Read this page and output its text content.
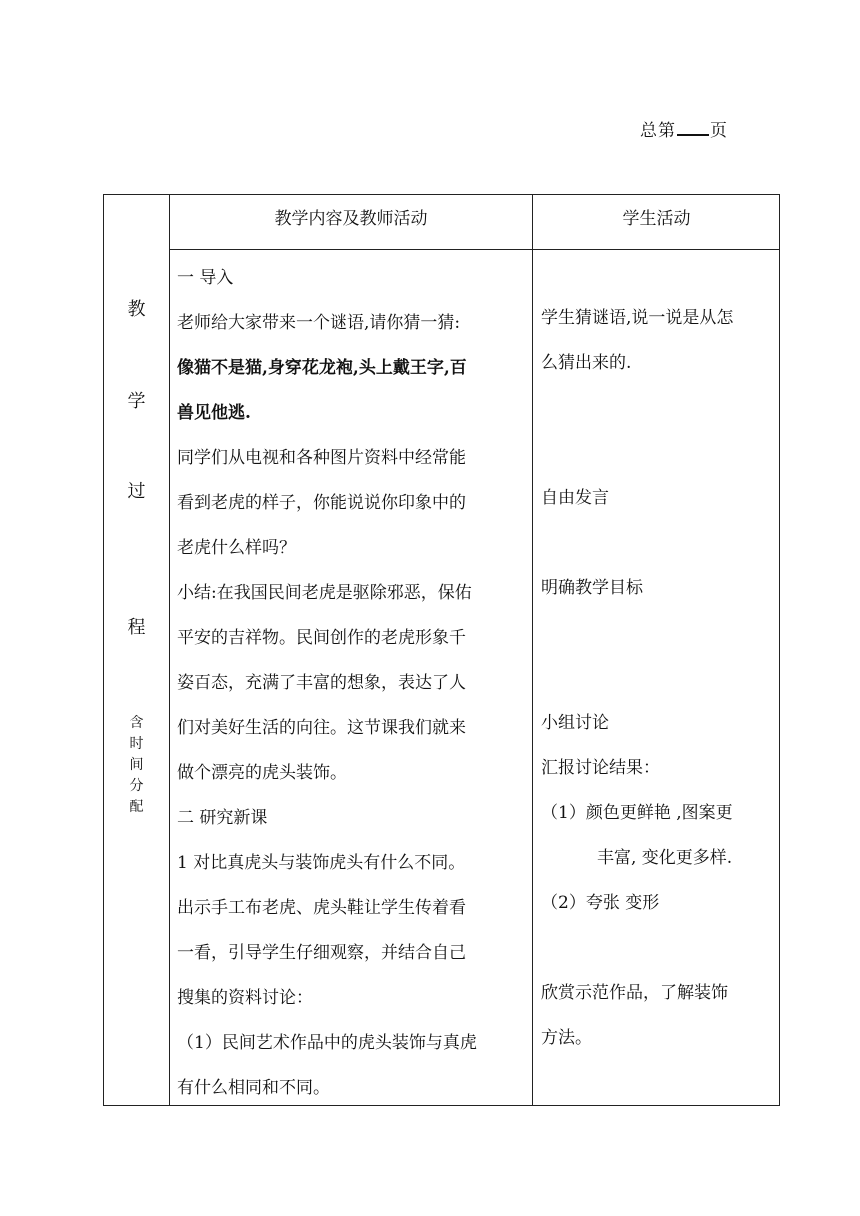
总第 页
教学内容及教师活动	学生活动
教
学
过
程
含
时
间
分
配

一 导入

老师给大家带来一个谜语,请你猜一猜:

像猫不是猫,身穿花龙袍,头上戴王字,百

兽见他逃.

同学们从电视和各种图片资料中经常能

看到老虎的样子，你能说说你印象中的

老虎什么样吗？

小结:在我国民间老虎是驱除邪恶，保佑

平安的吉祥物。民间创作的老虎形象千

姿百态，充满了丰富的想象，表达了人

们对美好生活的向往。这节课我们就来

做个漂亮的虎头装饰。

二 研究新课

1 对比真虎头与装饰虎头有什么不同。

出示手工布老虎、虎头鞋让学生传着看

一看，引导学生仔细观察，并结合自己

搜集的资料讨论：

（1）民间艺术作品中的虎头装饰与真虎

有什么相同和不同。

学生猜谜语,说一说是从怎

么猜出来的.

自由发言
明确教学目标
小组讨论
汇报讨论结果：

（1）颜色更鲜艳 ,图案更

丰富, 变化更多样.

（2）夸张 变形

欣赏示范作品，了解装饰

方法。
